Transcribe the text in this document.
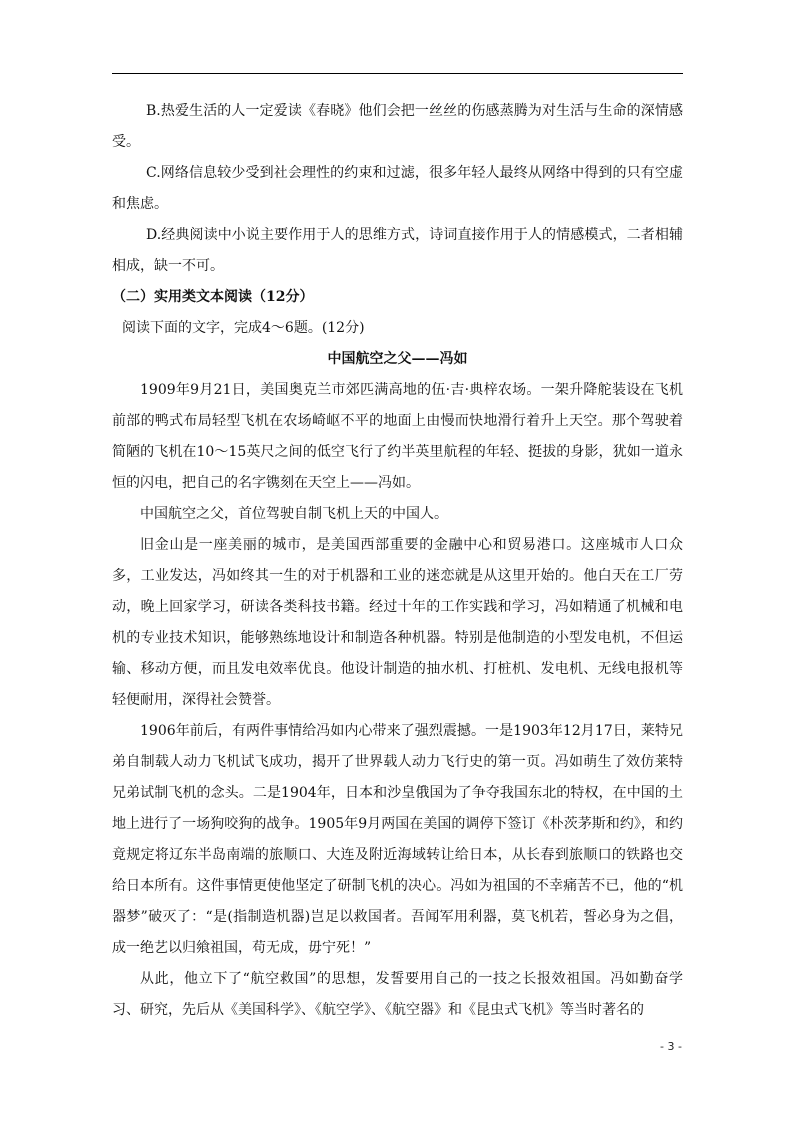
B.热爱生活的人一定爱读《春晓》他们会把一丝丝的伤感蒸腾为对生活与生命的深情感受。

C.网络信息较少受到社会理性的约束和过滤，很多年轻人最终从网络中得到的只有空虚和焦虑。

D.经典阅读中小说主要作用于人的思维方式，诗词直接作用于人的情感模式，二者相辅相成，缺一不可。

（二）实用类文本阅读（12分）

阅读下面的文字，完成4～6题。(12分)

中国航空之父——冯如

1909年9月21日，美国奥克兰市郊匹满高地的伍·吉·典梓农场。一架升降舵装设在飞机前部的鸭式布局轻型飞机在农场崎岖不平的地面上由慢而快地滑行着升上天空。那个驾驶着简陋的飞机在10～15英尺之间的低空飞行了约半英里航程的年轻、挺拔的身影，犹如一道永恒的闪电，把自己的名字镌刻在天空上——冯如。

中国航空之父，首位驾驶自制飞机上天的中国人。

旧金山是一座美丽的城市，是美国西部重要的金融中心和贸易港口。这座城市人口众多，工业发达，冯如终其一生的对于机器和工业的迷恋就是从这里开始的。他白天在工厂劳动，晚上回家学习，研读各类科技书籍。经过十年的工作实践和学习，冯如精通了机械和电机的专业技术知识，能够熟练地设计和制造各种机器。特别是他制造的小型发电机，不但运输、移动方便，而且发电效率优良。他设计制造的抽水机、打桩机、发电机、无线电报机等轻便耐用，深得社会赞誉。

1906年前后，有两件事情给冯如内心带来了强烈震撼。一是1903年12月17日，莱特兄弟自制载人动力飞机试飞成功，揭开了世界载人动力飞行史的第一页。冯如萌生了效仿莱特兄弟试制飞机的念头。二是1904年，日本和沙皇俄国为了争夺我国东北的特权，在中国的土地上进行了一场狗咬狗的战争。1905年9月两国在美国的调停下签订《朴茨茅斯和约》，和约竟规定将辽东半岛南端的旅顺口、大连及附近海域转让给日本，从长春到旅顺口的铁路也交给日本所有。这件事情更使他坚定了研制飞机的决心。冯如为祖国的不幸痛苦不已，他的“机器梦”破灭了：“是(指制造机器)岂足以救国者。吾闻军用利器，莫飞机若，誓必身为之倡，成一绝艺以归飨祖国，苟无成，毋宁死！”

从此，他立下了“航空救国”的思想，发誓要用自己的一技之长报效祖国。冯如勤奋学习、研究，先后从《美国科学》、《航空学》、《航空器》和《昆虫式飞机》等当时著名的

- 3 -
